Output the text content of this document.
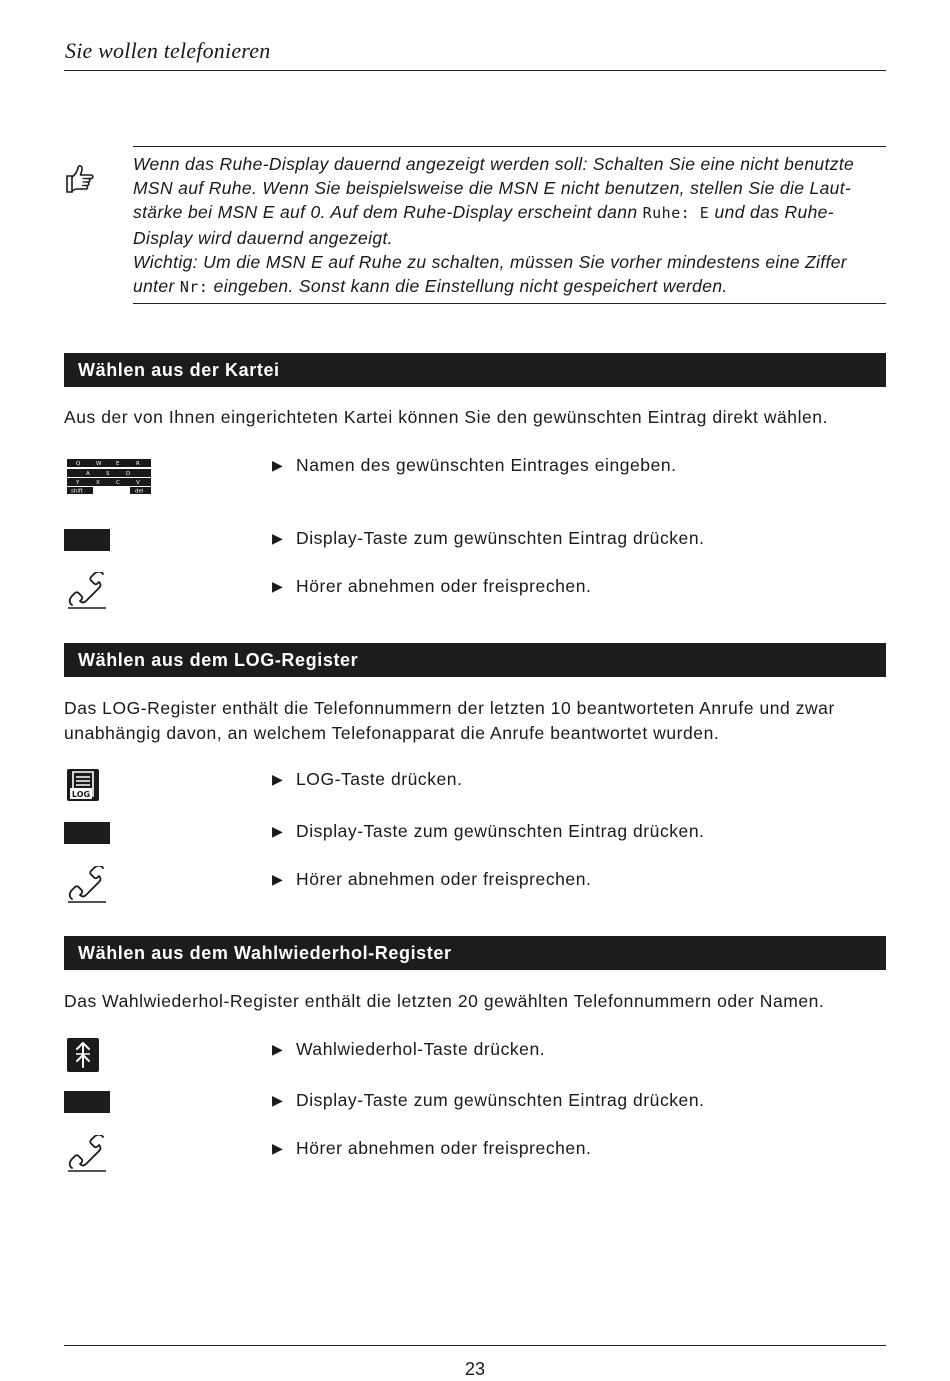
Sie wollen telefonieren
Wenn das Ruhe-Display dauernd angezeigt werden soll: Schalten Sie eine nicht benutzte
MSN auf Ruhe. Wenn Sie beispielsweise die MSN E nicht benutzen, stellen Sie die Laut-
stärke bei MSN E auf 0. Auf dem Ruhe-Display erscheint dann Ruhe: E und das Ruhe-
Display wird dauernd angezeigt.
Wichtig: Um die MSN E auf Ruhe zu schalten, müssen Sie vorher mindestens eine Ziffer
unter Nr: eingeben. Sonst kann die Einstellung nicht gespeichert werden.
Wählen aus der Kartei
Aus der von Ihnen eingerichteten Kartei können Sie den gewünschten Eintrag direkt wählen.
Q	W	E	R
A	S	D
Y	X	C	V
shift	del
▶ Namen des gewünschten Eintrages eingeben.
▶ Display-Taste zum gewünschten Eintrag drücken.
▶ Hörer abnehmen oder freisprechen.
Wählen aus dem LOG-Register
Das LOG-Register enthält die Telefonnummern der letzten 10 beantworteten Anrufe und zwar
unabhängig davon, an welchem Telefonapparat die Anrufe beantwortet wurden.
LOG
▶ LOG-Taste drücken.
▶ Display-Taste zum gewünschten Eintrag drücken.
▶ Hörer abnehmen oder freisprechen.
Wählen aus dem Wahlwiederhol-Register
Das Wahlwiederhol-Register enthält die letzten 20 gewählten Telefonnummern oder Namen.
▶ Wahlwiederhol-Taste drücken.
▶ Display-Taste zum gewünschten Eintrag drücken.
▶ Hörer abnehmen oder freisprechen.
23
